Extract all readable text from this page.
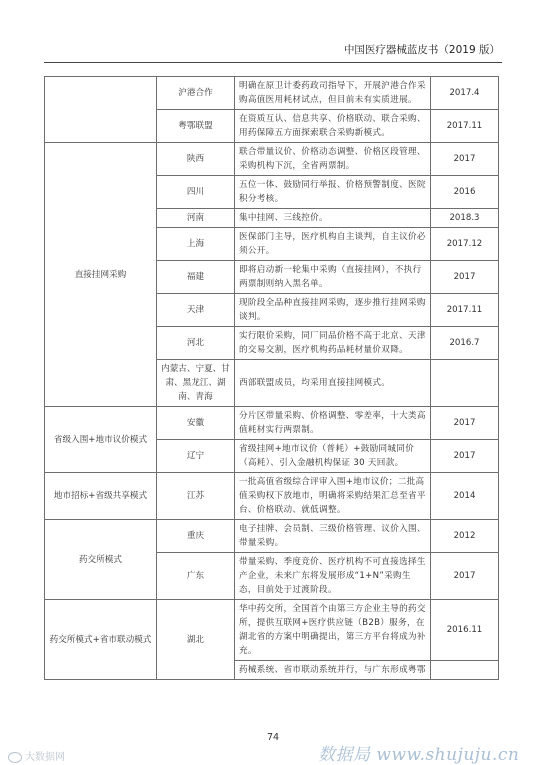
中国医疗器械蓝皮书（2019 版）
	沪港合作	明确在原卫计委药政司指导下，开展沪港合作采购高值医用耗材试点，但目前未有实质进展。	2017.4
	粤鄂联盟	在资质互认、信息共享、价格联动、联合采购、用药保障五方面探索联合采购新模式。	2017.11
直接挂网采购	陕西	联合带量议价、价格动态调整、价格区段管理、采购机构下沉，全省两票制。	2017
	四川	五位一体、鼓励同行举报、价格预警制度、医院积分考核。	2016
	河南	集中挂网、三线控价。	2018.3
	上海	医保部门主导，医疗机构自主谈判，自主议价必须公开。	2017.12
	福建	即将启动新一轮集中采购（直接挂网），不执行两票制则纳入黑名单。	2017
	天津	现阶段全品种直接挂网采购，逐步推行挂网采购谈判。	2017.11
	河北	实行限价采购，同厂同品价格不高于北京、天津的交易交割，医疗机构药品耗材量价双降。	2016.7
	内蒙古、宁夏、甘肃、黑龙江、湖南、青海	西部联盟成员，均采用直接挂网模式。	
省级入围+地市议价模式	安徽	分片区带量采购、价格调整、零差率，十大类高值耗材实行两票制。	2017
	辽宁	省级挂网+地市议价（普耗）+鼓励同城同价（高耗）、引入金融机构保证 30 天回款。	2017
地市招标+省级共享模式	江苏	一批高值省级综合评审入围+地市议价；二批高值采购权下放地市，明确将采购结果汇总至省平台、价格联动、就低调整。	2014
药交所模式	重庆	电子挂牌、会员制、三级价格管理、议价入围、带量采购。	2012
	广东	带量采购、季度竞价、医疗机构不可直接选择生产企业，未来广东将发展形成“1+N”采购生态，目前处于过渡阶段。	2017
药交所模式+省市联动模式	湖北	华中药交所，全国首个由第三方企业主导的药交所，提供互联网+医疗供应链（B2B）服务，在湖北省的方案中明确提出，第三方平台将成为补充。	2016.11
		药械系统、省市联动系统并行，与广东形成粤鄂	
74
大数据网	数据局 www.shujuju.cn
